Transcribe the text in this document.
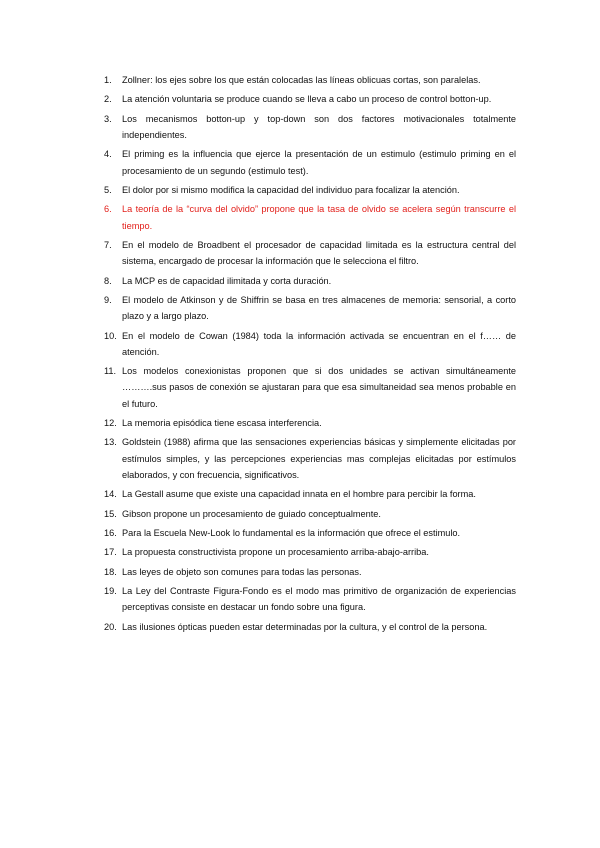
1.	Zollner: los ejes sobre los que están colocadas las líneas oblicuas cortas, son paralelas.
2.	La atención voluntaria se produce cuando se lleva a cabo un proceso de control botton-up.
3.	Los mecanismos botton-up y top-down son dos factores motivacionales totalmente independientes.
4.	El priming es la influencia que ejerce la presentación de un estimulo (estimulo priming en el procesamiento de un segundo (estimulo test).
5.	El dolor por si mismo modifica la capacidad del individuo para focalizar la atención.
6.	La teoría de la “curva del olvido” propone que la tasa de olvido se acelera según transcurre el tiempo.
7.	En el modelo de Broadbent el procesador de capacidad limitada es la estructura central del sistema, encargado de procesar la información que le selecciona el filtro.
8.	La MCP es de capacidad ilimitada y corta duración.
9.	El modelo de Atkinson y de Shiffrin se basa en tres almacenes de memoria: sensorial, a corto plazo y a largo plazo.
10. En el modelo de Cowan (1984) toda la información activada se encuentran en el f…… de atención.
11. Los modelos conexionistas proponen que si dos unidades se activan simultáneamente ……….sus pasos de conexión se ajustaran para que esa simultaneidad sea menos probable en el futuro.
12. La memoria episódica tiene escasa interferencia.
13. Goldstein (1988) afirma que las sensaciones experiencias básicas y simplemente elicitadas por estímulos simples, y las percepciones experiencias mas complejas elicitadas por estímulos elaborados, y con frecuencia, significativos.
14. La Gestall asume que existe una capacidad innata en el hombre para percibir la forma.
15. Gibson propone un procesamiento de guiado conceptualmente.
16. Para la Escuela New-Look lo fundamental es la información que ofrece el estimulo.
17. La propuesta constructivista propone un procesamiento arriba-abajo-arriba.
18. Las leyes de objeto son comunes para todas las personas.
19. La Ley del Contraste Figura-Fondo es el modo mas primitivo de organización de experiencias perceptivas consiste en destacar un fondo sobre una figura.
20. Las ilusiones ópticas pueden estar determinadas por la cultura, y el control de la persona.
